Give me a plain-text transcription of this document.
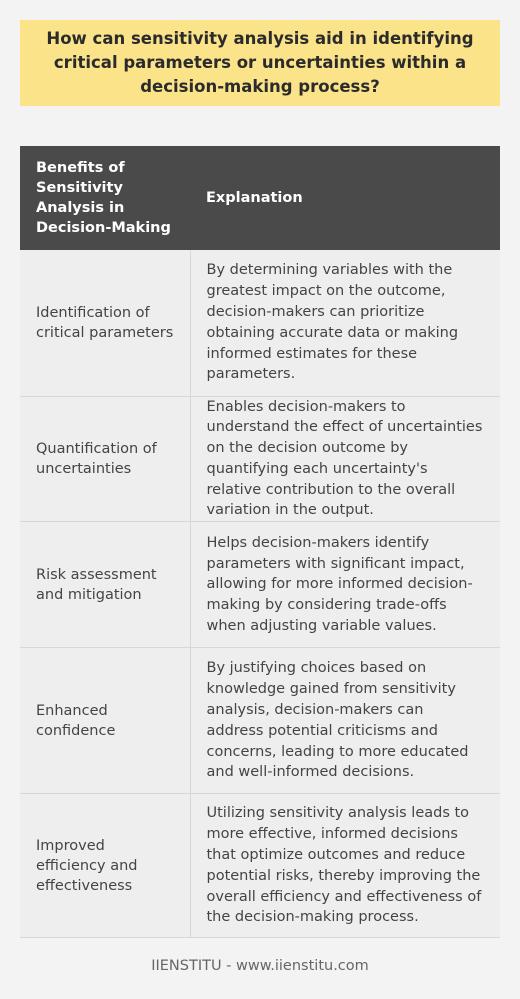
How can sensitivity analysis aid in identifying critical parameters or uncertainties within a decision-making process?
Benefits of Sensitivity Analysis in Decision-Making	Explanation
Identification of critical parameters	By determining variables with the greatest impact on the outcome, decision-makers can prioritize obtaining accurate data or making informed estimates for these parameters.
Quantification of uncertainties	Enables decision-makers to understand the effect of uncertainties on the decision outcome by quantifying each uncertainty's relative contribution to the overall variation in the output.
Risk assessment and mitigation	Helps decision-makers identify parameters with significant impact, allowing for more informed decision-making by considering trade-offs when adjusting variable values.
Enhanced confidence	By justifying choices based on knowledge gained from sensitivity analysis, decision-makers can address potential criticisms and concerns, leading to more educated and well-informed decisions.
Improved efficiency and effectiveness	Utilizing sensitivity analysis leads to more effective, informed decisions that optimize outcomes and reduce potential risks, thereby improving the overall efficiency and effectiveness of the decision-making process.
IIENSTITU - www.iienstitu.com
